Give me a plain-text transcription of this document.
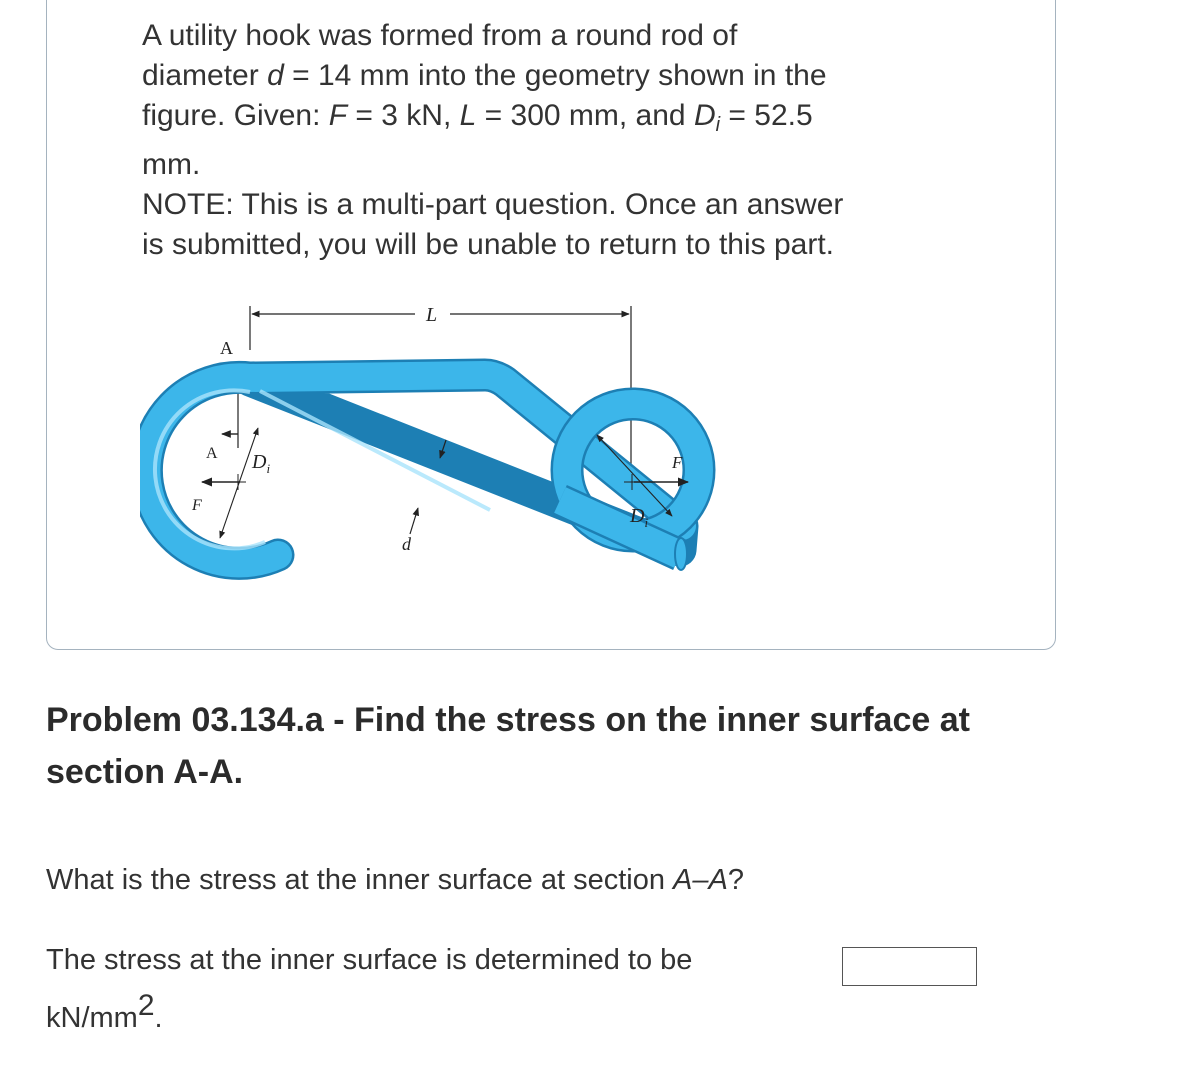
A utility hook was formed from a round rod of

diameter d = 14 mm into the geometry shown in the

figure. Given: F = 3 kN, L = 300 mm, and $D_i = 52.5$

mm.

NOTE: This is a multi-part question. Once an answer

is submitted, you will be unable to return to this part.

L
A
A
F
$D_i$
d
F
$D_i$
Problem 03.134.a - Find the stress on the inner surface at section A-A.
What is the stress at the inner surface at section A–A?
The stress at the inner surface is determined to be
$kN/mm^2$.
